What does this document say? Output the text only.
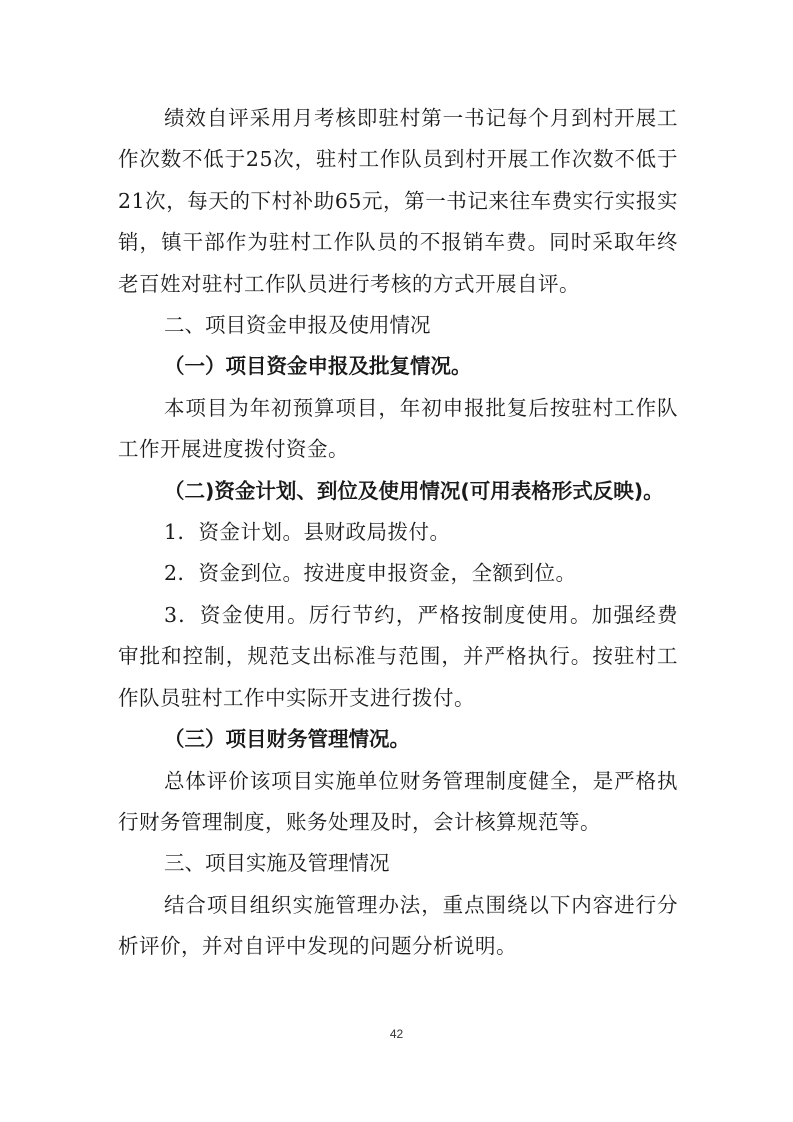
绩效自评采用月考核即驻村第一书记每个月到村开展工作次数不低于25次，驻村工作队员到村开展工作次数不低于21次，每天的下村补助65元，第一书记来往车费实行实报实销，镇干部作为驻村工作队员的不报销车费。同时采取年终老百姓对驻村工作队员进行考核的方式开展自评。

二、项目资金申报及使用情况

（一）项目资金申报及批复情况。

本项目为年初预算项目，年初申报批复后按驻村工作队工作开展进度拨付资金。

（二)资金计划、到位及使用情况(可用表格形式反映)。

1．资金计划。县财政局拨付。

2．资金到位。按进度申报资金，全额到位。

3．资金使用。厉行节约，严格按制度使用。加强经费审批和控制，规范支出标准与范围，并严格执行。按驻村工作队员驻村工作中实际开支进行拨付。

（三）项目财务管理情况。

总体评价该项目实施单位财务管理制度健全，是严格执行财务管理制度，账务处理及时，会计核算规范等。

三、项目实施及管理情况

结合项目组织实施管理办法，重点围绕以下内容进行分析评价，并对自评中发现的问题分析说明。

42
